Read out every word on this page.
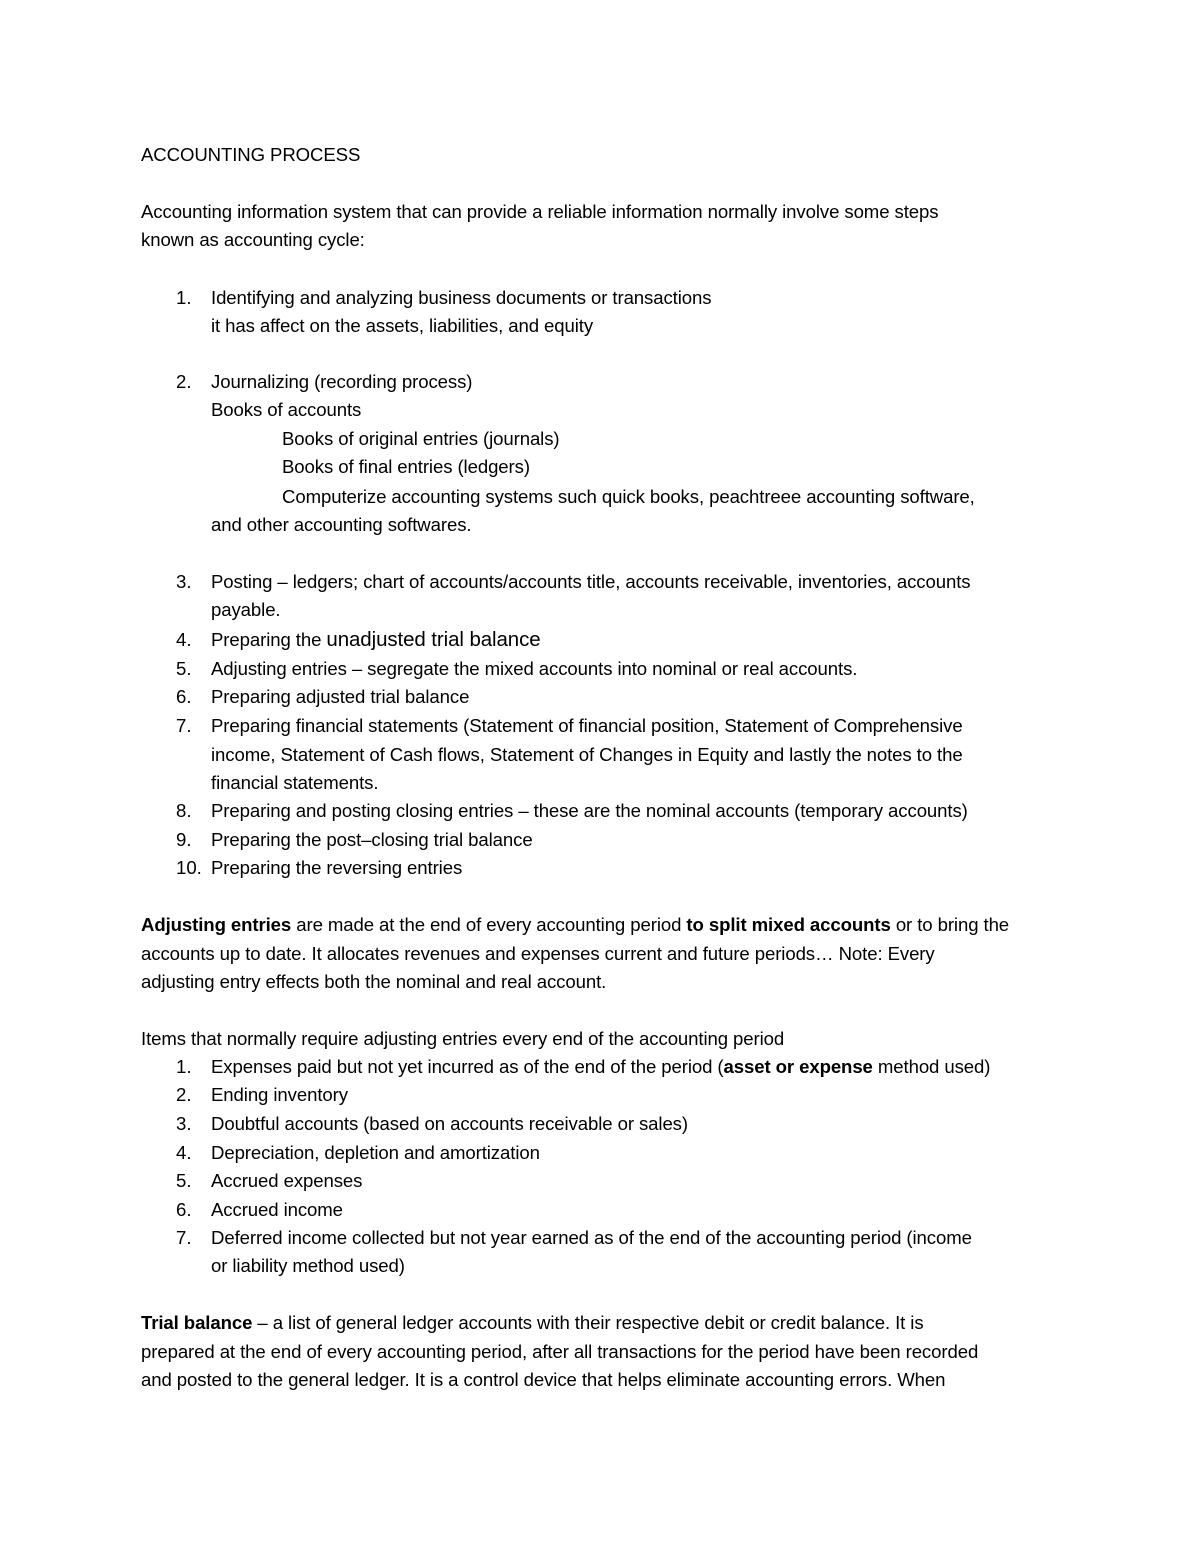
ACCOUNTING PROCESS
Accounting information system that can provide a reliable information normally involve some steps
known as accounting cycle:
1. Identifying and analyzing business documents or transactions
it has affect on the assets, liabilities, and equity
2. Journalizing (recording process)
Books of accounts
Books of original entries (journals)
Books of final entries (ledgers)
Computerize accounting systems such quick books, peachtreee accounting software,
and other accounting softwares.
3. Posting – ledgers; chart of accounts/accounts title, accounts receivable, inventories, accounts
payable.
4. Preparing the unadjusted trial balance
5. Adjusting entries – segregate the mixed accounts into nominal or real accounts.
6. Preparing adjusted trial balance
7. Preparing financial statements (Statement of financial position, Statement of Comprehensive
income, Statement of Cash flows, Statement of Changes in Equity and lastly the notes to the
financial statements.
8. Preparing and posting closing entries – these are the nominal accounts (temporary accounts)
9. Preparing the post–closing trial balance
10. Preparing the reversing entries
Adjusting entries are made at the end of every accounting period to split mixed accounts or to bring the
accounts up to date. It allocates revenues and expenses current and future periods… Note: Every
adjusting entry effects both the nominal and real account.
Items that normally require adjusting entries every end of the accounting period
1. Expenses paid but not yet incurred as of the end of the period (asset or expense method used)
2. Ending inventory
3. Doubtful accounts (based on accounts receivable or sales)
4. Depreciation, depletion and amortization
5. Accrued expenses
6. Accrued income
7. Deferred income collected but not year earned as of the end of the accounting period (income
or liability method used)
Trial balance – a list of general ledger accounts with their respective debit or credit balance. It is
prepared at the end of every accounting period, after all transactions for the period have been recorded
and posted to the general ledger. It is a control device that helps eliminate accounting errors. When
